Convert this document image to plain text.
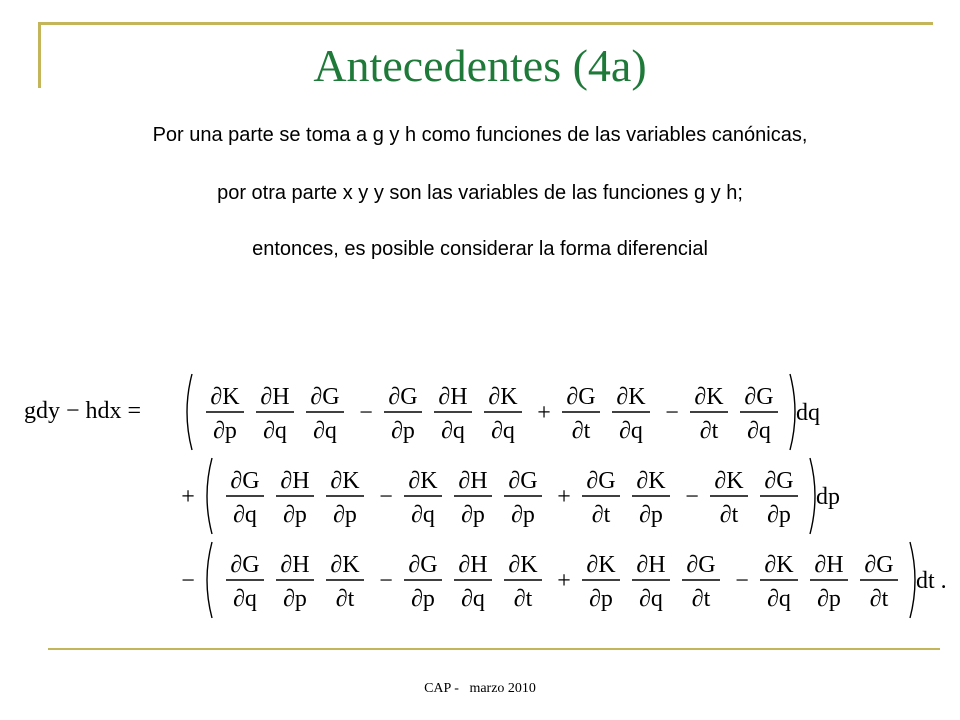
Antecedentes (4a)
Por una parte se toma a g y h como funciones de las variables canónicas,
por otra parte x y y son las variables de las funciones g y h;
entonces, es posible considerar la forma diferencial
gdy − hdx =
∂K
∂p
∂H
∂q
∂G
∂q
−
∂G
∂p
∂H
∂q
∂K
∂q
+
∂G
∂t
∂K
∂q
−
∂K
∂t
∂G
∂q
dq
+
∂G
∂q
∂H
∂p
∂K
∂p
−
∂K
∂q
∂H
∂p
∂G
∂p
+
∂G
∂t
∂K
∂p
−
∂K
∂t
∂G
∂p
dp
−
∂G
∂q
∂H
∂p
∂K
∂t
−
∂G
∂p
∂H
∂q
∂K
∂t
+
∂K
∂p
∂H
∂q
∂G
∂t
−
∂K
∂q
∂H
∂p
∂G
∂t
dt .
CAP -   marzo 2010
